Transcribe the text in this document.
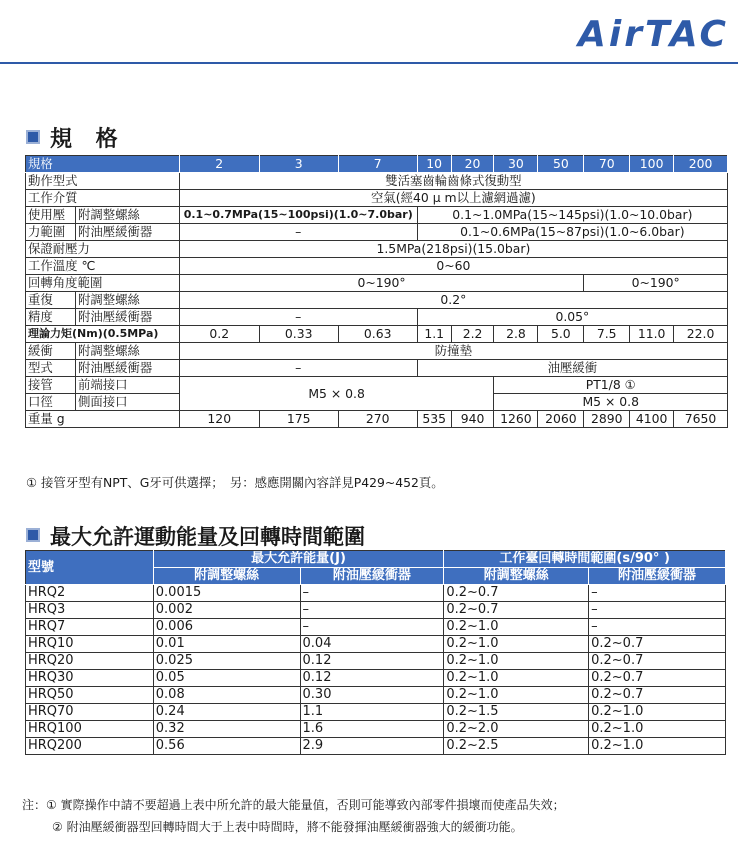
AirTAC
規 格
規格		2	3	7	10	20	30	50	70	100	200
動作型式		雙活塞齒輪齒條式復動型									
工作介質		空氣(經40 μ m以上濾網過濾)									
使用壓	附調整螺絲	0.1~0.7MPa(15~100psi)(1.0~7.0bar)			0.1~1.0MPa(15~145psi)(1.0~10.0bar)						
力範圍	附油壓緩衝器	–			0.1~0.6MPa(15~87psi)(1.0~6.0bar)						
保證耐壓力		1.5MPa(218psi)(15.0bar)									
工作溫度 ℃		0~60									
回轉角度範圍		0~190°							0~190°		
重復	附調整螺絲	0.2°									
精度	附油壓緩衝器	–			0.05°						
理論力矩(Nm)(0.5MPa)		0.2	0.33	0.63	1.1	2.2	2.8	5.0	7.5	11.0	22.0
緩衝	附調整螺絲	防撞墊									
型式	附油壓緩衝器	–			油壓緩衝						
接管	前端接口	M5 × 0.8					PT1/8 ①				
口徑	側面接口						M5 × 0.8				
重量 g		120	175	270	535	940	1260	2060	2890	4100	7650
① 接管牙型有NPT、G牙可供選擇；　另：感應開關內容詳見P429~452頁。
最大允許運動能量及回轉時間範圍
型號	最大允許能量(J)		工作臺回轉時間範圍(s/90° )	
	附調整螺絲	附油壓緩衝器	附調整螺絲	附油壓緩衝器
HRQ2	0.0015	–	0.2~0.7	–
HRQ3	0.002	–	0.2~0.7	–
HRQ7	0.006	–	0.2~1.0	–
HRQ10	0.01	0.04	0.2~1.0	0.2~0.7
HRQ20	0.025	0.12	0.2~1.0	0.2~0.7
HRQ30	0.05	0.12	0.2~1.0	0.2~0.7
HRQ50	0.08	0.30	0.2~1.0	0.2~0.7
HRQ70	0.24	1.1	0.2~1.5	0.2~1.0
HRQ100	0.32	1.6	0.2~2.0	0.2~1.0
HRQ200	0.56	2.9	0.2~2.5	0.2~1.0
注：① 實際操作中請不要超過上表中所允許的最大能量值，否則可能導致內部零件損壞而使產品失效；
② 附油壓緩衝器型回轉時間大于上表中時間時，將不能發揮油壓緩衝器強大的緩衝功能。
